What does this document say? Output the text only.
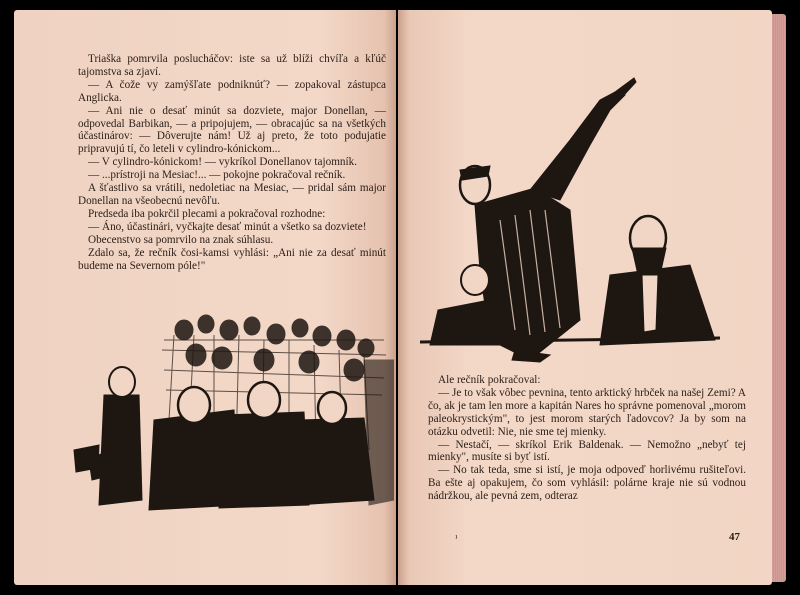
Triaška pomrvila poslucháčov: iste sa už blíži chvíľa a kľúč tajomstva sa zjaví.

— A čože vy zamýšľate podniknúť? — zopakoval zástupca Anglicka.

— Ani nie o desať minút sa dozviete, major Donellan, — odpovedal Barbikan, — a pripojujem, — obracajúc sa na všetkých účastinárov: — Dôverujte nám! Už aj preto, že toto podujatie pripravujú tí, čo leteli v cylindro-kónickom...

— V cylindro-kónickom! — vykríkol Donellanov tajomník.

— ...prístroji na Mesiac!... — pokojne pokračoval rečník.

A šťastlivo sa vrátili, nedoletiac na Mesiac, — pridal sám major Donellan na všeobecnú nevôľu.

Predseda iba pokrčil plecami a pokračoval rozhodne:

— Áno, účastinári, vyčkajte desať minút a všetko sa dozviete!

Obecenstvo sa pomrvilo na znak súhlasu.

Zdalo sa, že rečník čosi-kamsi vyhlási: „Ani nie za desať minút budeme na Severnom póle!"

Ale rečník pokračoval:

— Je to však vôbec pevnina, tento arktický hrbček na našej Zemi? A čo, ak je tam len more a kapitán Nares ho správne pomenoval „morom paleokrystickým", to jest morom starých ľadovcov? Ja by som na otázku odvetil: Nie, nie sme tej mienky.

— Nestačí, — skríkol Erik Baldenak. — Nemožno „nebyť tej mienky", musíte si byť istí.

— No tak teda, sme si istí, je moja odpoveď horlivému rušiteľovi. Ba ešte aj opakujem, čo som vyhlásil: polárne kraje nie sú vodnou nádržkou, ale pevná zem, odteraz

¹	47
